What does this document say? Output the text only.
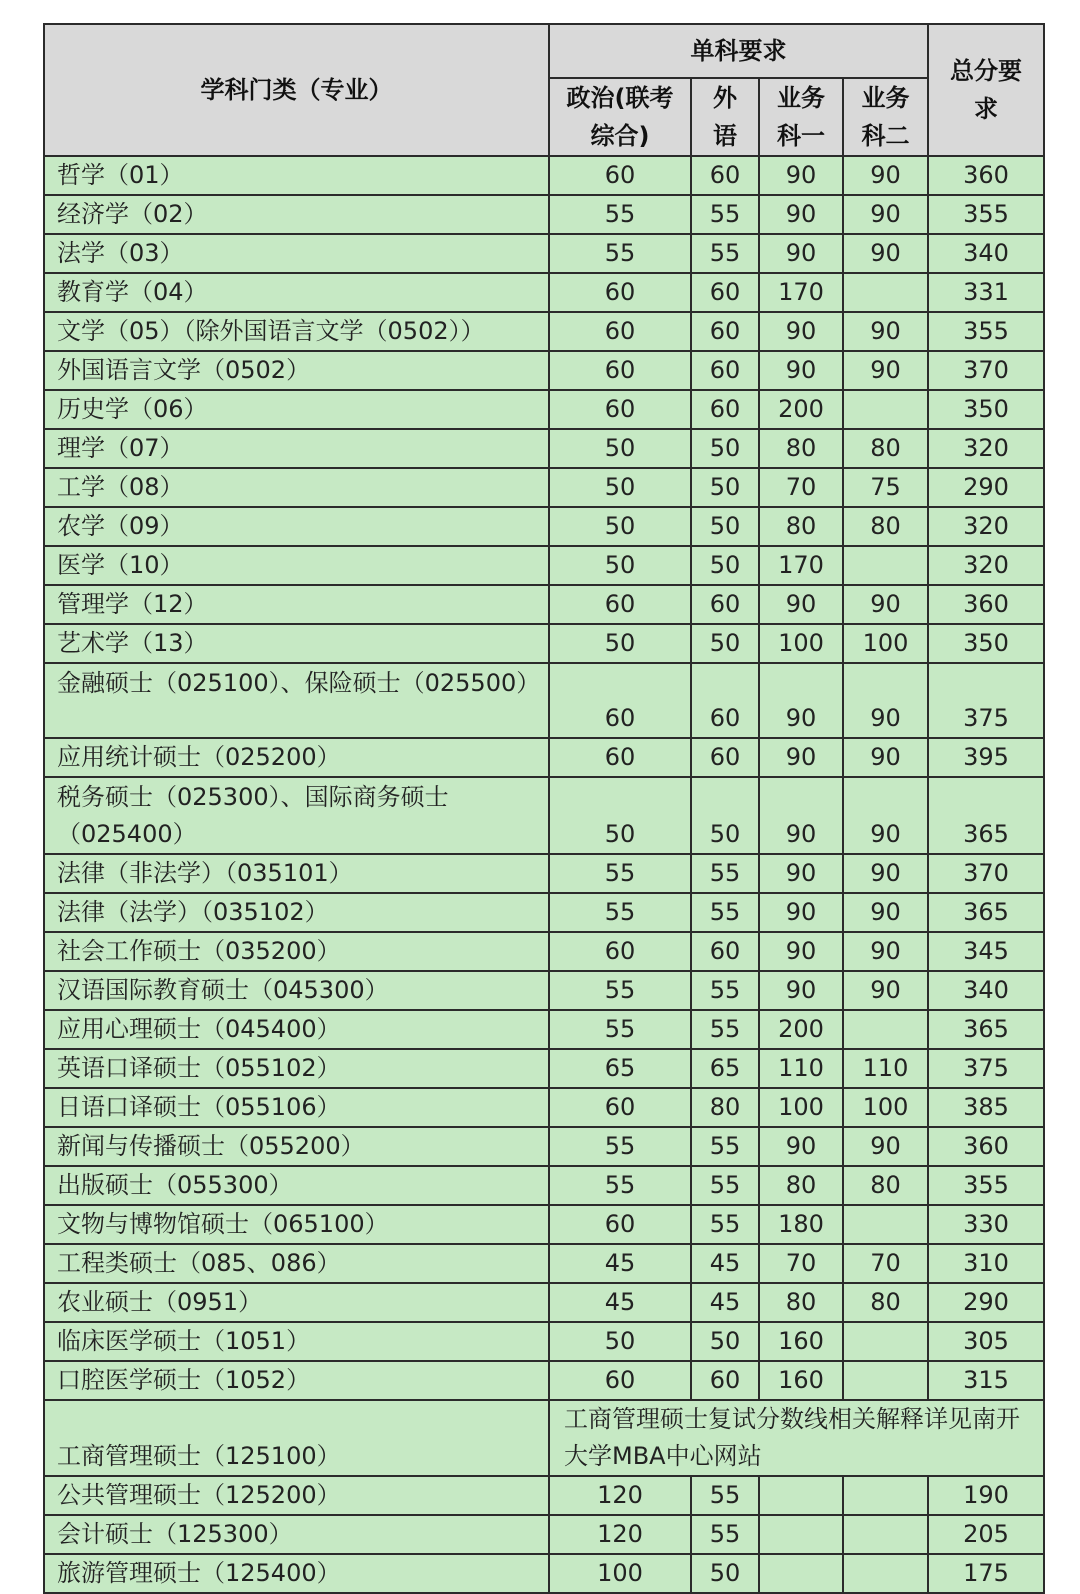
学科门类（专业）	单科要求				总分要求
	政治(联考综合)	外语	业务科一	业务科二	
哲学（01）	60	60	90	90	360
经济学（02）	55	55	90	90	355
法学（03）	55	55	90	90	340
教育学（04）	60	60	170		331
文学（05）（除外国语言文学（0502））	60	60	90	90	355
外国语言文学（0502）	60	60	90	90	370
历史学（06）	60	60	200		350
理学（07）	50	50	80	80	320
工学（08）	50	50	70	75	290
农学（09）	50	50	80	80	320
医学（10）	50	50	170		320
管理学（12）	60	60	90	90	360
艺术学（13）	50	50	100	100	350
金融硕士（025100）、保险硕士（025500）	60	60	90	90	375
应用统计硕士（025200）	60	60	90	90	395
税务硕士（025300）、国际商务硕士（025400）	50	50	90	90	365
法律（非法学）（035101）	55	55	90	90	370
法律（法学）（035102）	55	55	90	90	365
社会工作硕士（035200）	60	60	90	90	345
汉语国际教育硕士（045300）	55	55	90	90	340
应用心理硕士（045400）	55	55	200		365
英语口译硕士（055102）	65	65	110	110	375
日语口译硕士（055106）	60	80	100	100	385
新闻与传播硕士（055200）	55	55	90	90	360
出版硕士（055300）	55	55	80	80	355
文物与博物馆硕士（065100）	60	55	180		330
工程类硕士（085、086）	45	45	70	70	310
农业硕士（0951）	45	45	80	80	290
临床医学硕士（1051）	50	50	160		305
口腔医学硕士（1052）	60	60	160		315
工商管理硕士（125100）	工商管理硕士复试分数线相关解释详见南开大学MBA中心网站				
公共管理硕士（125200）	120	55			190
会计硕士（125300）	120	55			205
旅游管理硕士（125400）	100	50			175
